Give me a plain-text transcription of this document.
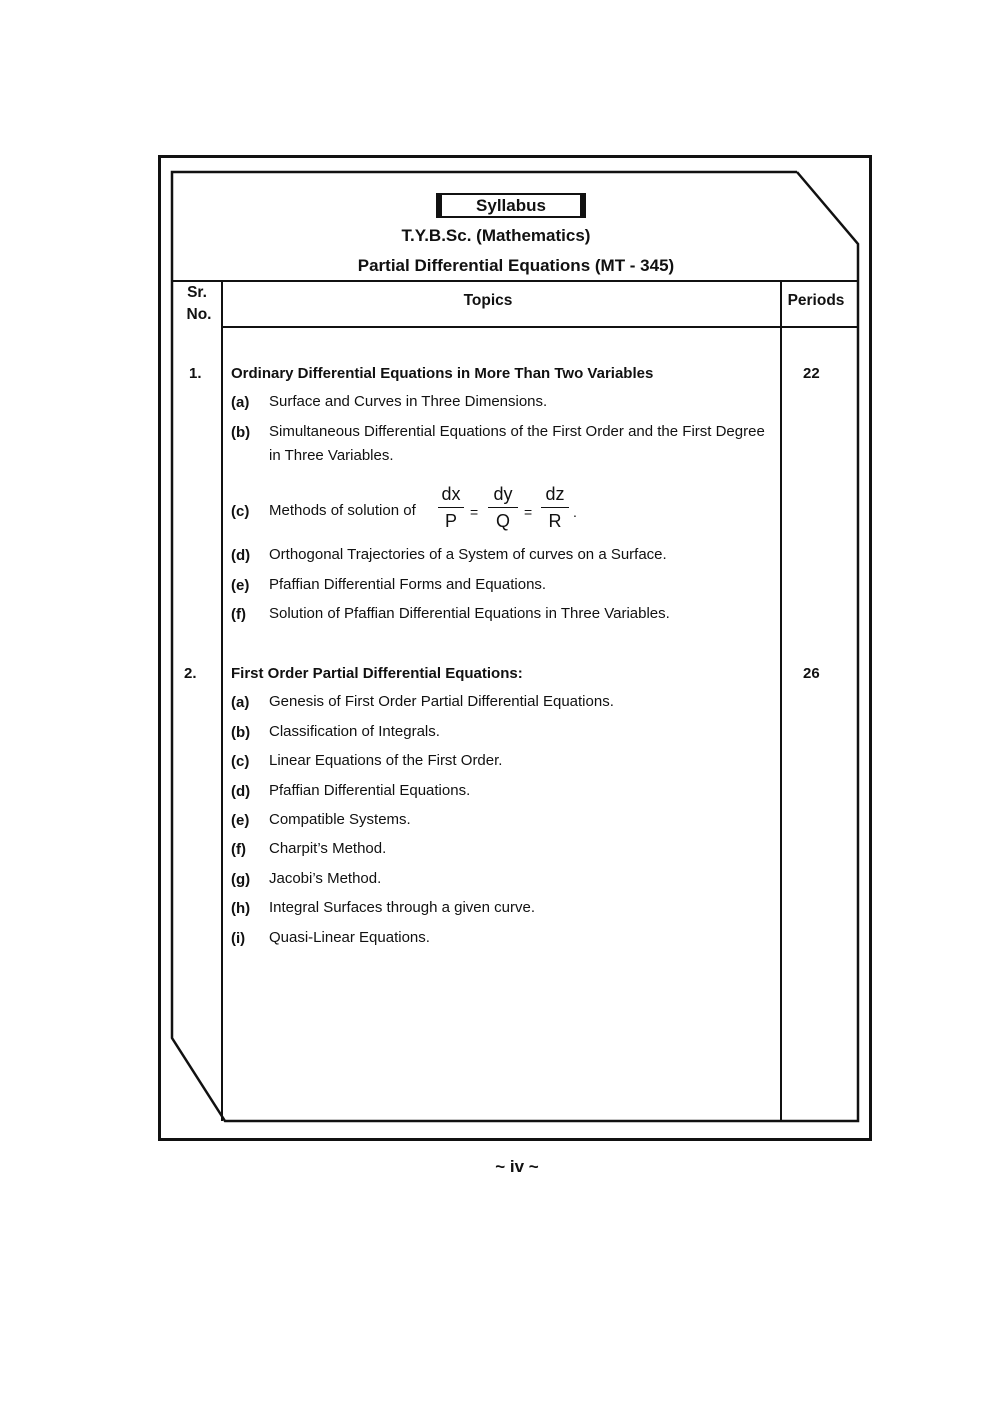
Syllabus
T.Y.B.Sc. (Mathematics)
Partial Differential Equations (MT - 345)
Sr.
No.
Topics	Periods
1. Ordinary Differential Equations in More Than Two Variables	22
(a) Surface and Curves in Three Dimensions.
(b) Simultaneous Differential Equations of the First Order and the First Degree in Three Variables.
(c) Methods of solution of
dx
P =
dy
Q	=
dz
R .
(d) Orthogonal Trajectories of a System of curves on a Surface.
(e) Pfaffian Differential Forms and Equations.
(f) Solution of Pfaffian Differential Equations in Three Variables.
2. First Order Partial Differential Equations:	26
(a) Genesis of First Order Partial Differential Equations.
(b) Classification of Integrals.
(c) Linear Equations of the First Order.
(d) Pfaffian Differential Equations.
(e) Compatible Systems.
(f) Charpit’s Method.
(g) Jacobi’s Method.
(h) Integral Surfaces through a given curve.
(i) Quasi-Linear Equations.
~ iv ~
